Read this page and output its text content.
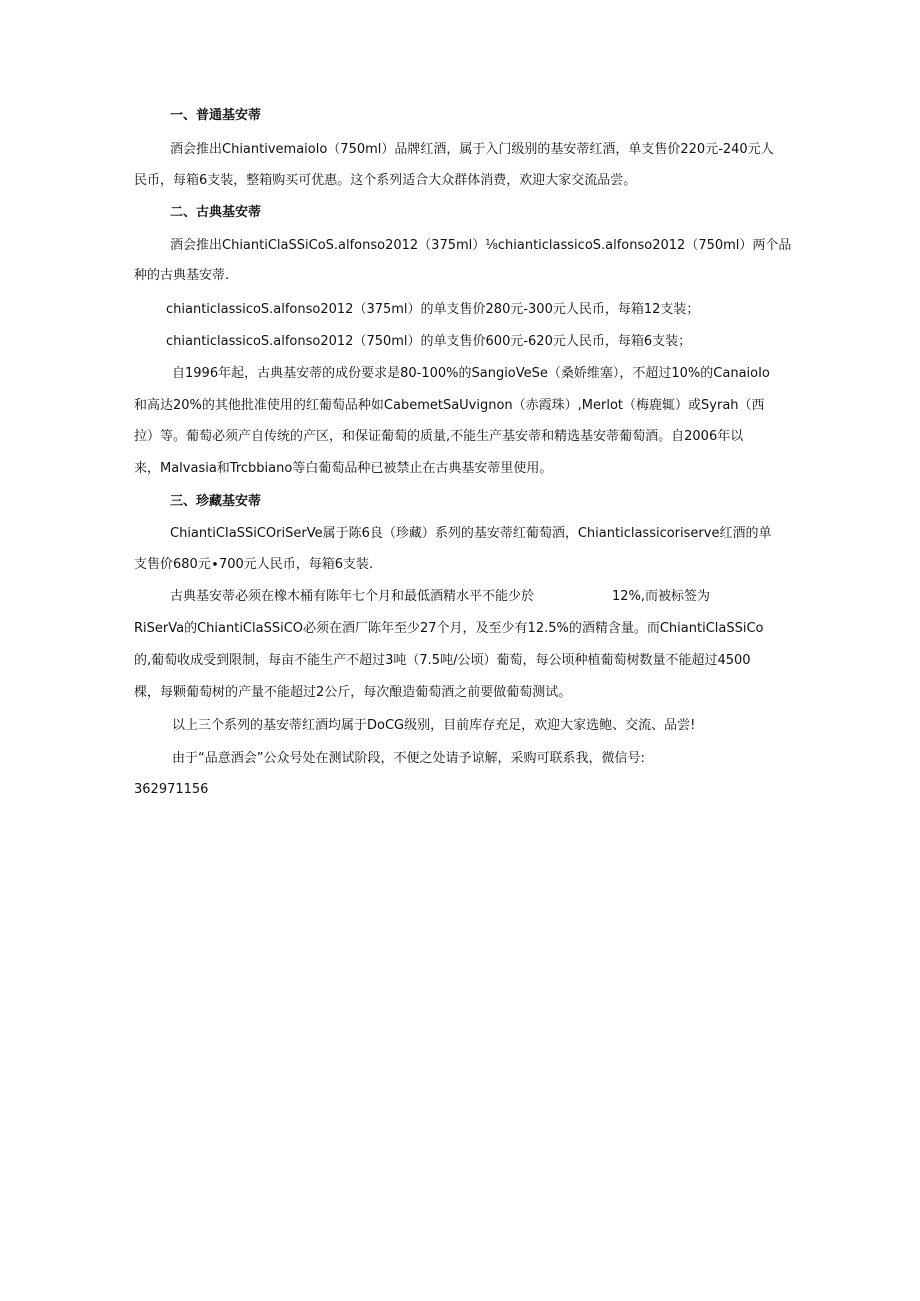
一、普通基安蒂
酒会推出Chiantivemaiolo（750ml）品牌红酒，属于入门级别的基安蒂红酒，单支售价220元-240元人
民币，每箱6支装，整箱购买可优惠。这个系列适合大众群体消费，欢迎大家交流品尝。
二、古典基安蒂
酒会推出ChiantiClaSSiCoS.alfonso2012（375ml）⅛chianticlassicoS.alfonso2012（750ml）两个品
种的古典基安蒂.
chianticlassicoS.alfonso2012（375ml）的单支售价280元-300元人民币，每箱12支装；
chianticlassicoS.alfonso2012（750ml）的单支售价600元-620元人民币，每箱6支装；
自1996年起，古典基安蒂的成份要求是80-100%的SangioVeSe（桑娇维塞），不超过10%的CanaioIo
和高达20%的其他批准使用的红葡萄品种如CabemetSaUvignon（赤霞珠）,Merlot（梅鹿辄）或Syrah（西
拉）等。葡萄必须产自传统的产区，和保证葡萄的质量,不能生产基安蒂和精选基安蒂葡萄酒。自2006年以
来，Malvasia和Trcbbiano等白葡萄品种已被禁止在古典基安蒂里使用。
三、珍藏基安蒂
ChiantiCIaSSiCOriSerVe属于陈6良（珍藏）系列的基安蒂红葡萄酒，Chianticlassicoriserve红酒的单
支售价680元∙700元人民币，每箱6支装.
古典基安蒂必须在橡木桶有陈年七个月和最低酒精水平不能少於	12%,而被标签为
RiSerVa的ChiantiClaSSiCO必须在酒厂陈年至少27个月，及至少有12.5%的酒精含量。而ChiantiClaSSiCo
的,葡萄收成受到限制，每亩不能生产不超过3吨（7.5吨/公顷）葡萄，每公顷种植葡萄树数量不能超过4500
棵，每颗葡萄树的产量不能超过2公斤，每次酿造葡萄酒之前要做葡萄测试。
以上三个系列的基安蒂红酒均属于DoCG级别，目前库存充足，欢迎大家选鲍、交流、品尝!
由于“品意酒会”公众号处在测试阶段，不便之处请予谅解，采购可联系我，微信号:
362971156
